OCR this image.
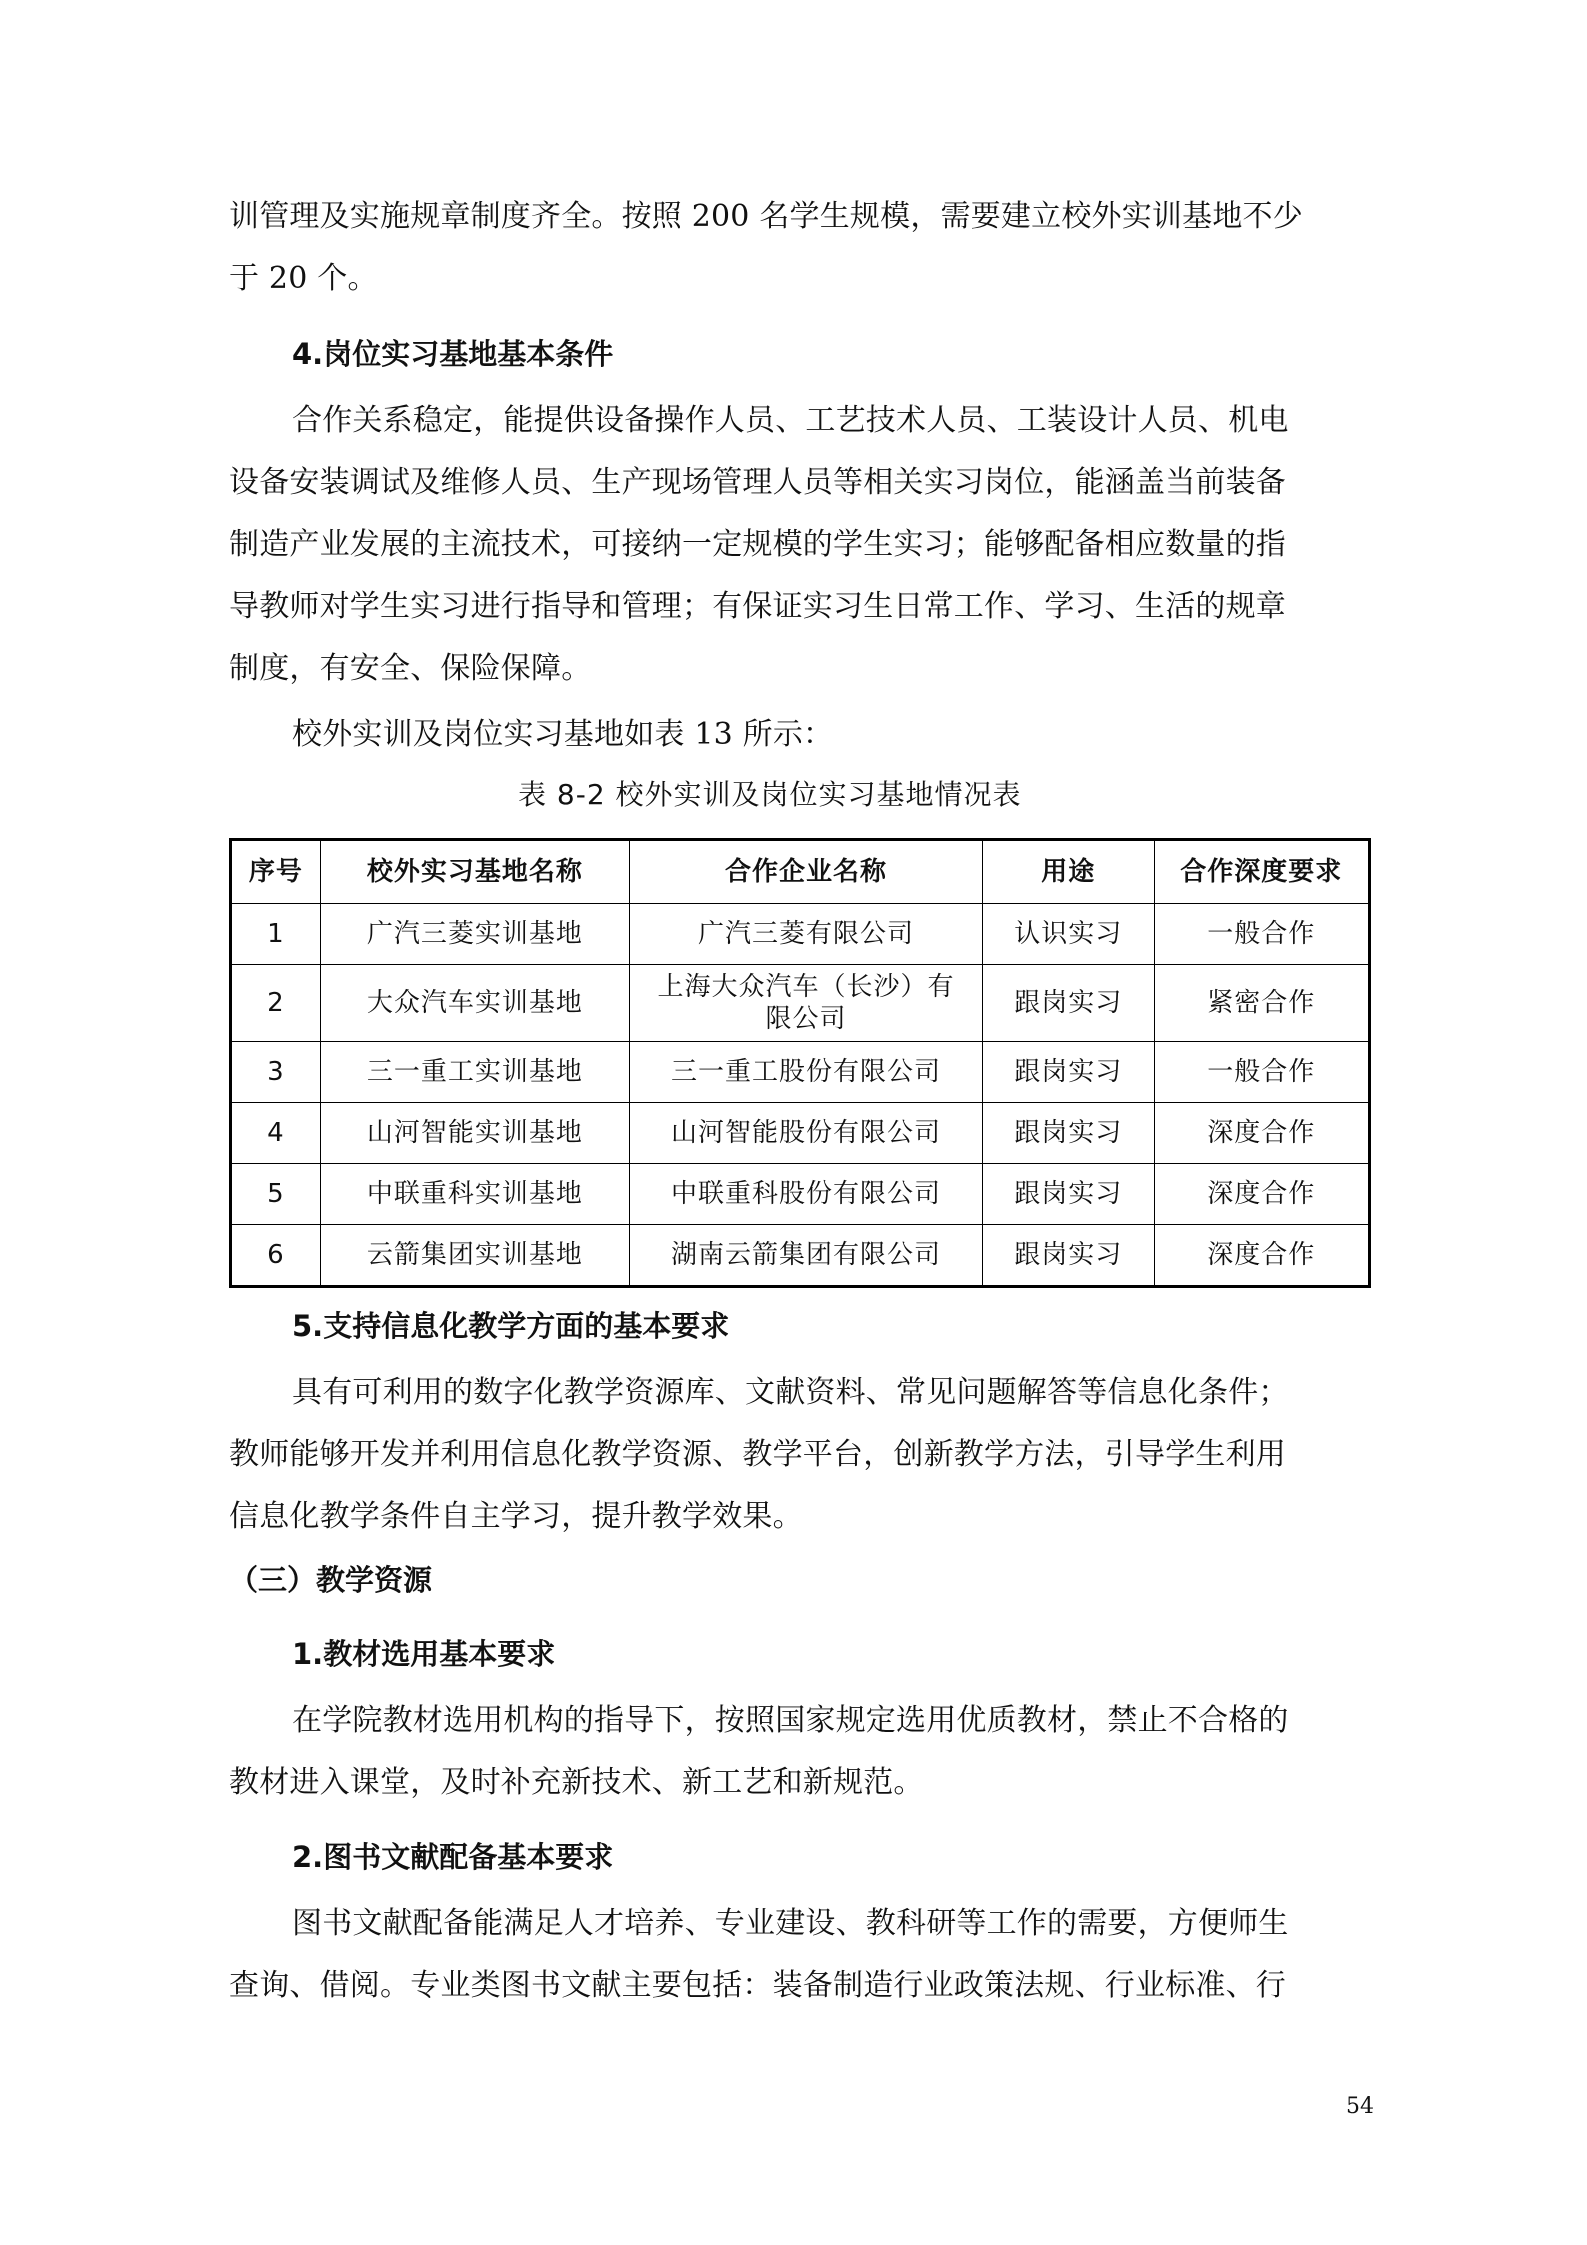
训管理及实施规章制度齐全。按照 200 名学生规模，需要建立校外实训基地不少
于 20 个。
4.岗位实习基地基本条件
合作关系稳定，能提供设备操作人员、工艺技术人员、工装设计人员、机电
设备安装调试及维修人员、生产现场管理人员等相关实习岗位，能涵盖当前装备
制造产业发展的主流技术，可接纳一定规模的学生实习；能够配备相应数量的指
导教师对学生实习进行指导和管理；有保证实习生日常工作、学习、生活的规章
制度，有安全、保险保障。
校外实训及岗位实习基地如表 13 所示：
表 8-2 校外实训及岗位实习基地情况表
序号	校外实习基地名称	合作企业名称	用途	合作深度要求
1	广汽三菱实训基地	广汽三菱有限公司	认识实习	一般合作
2	大众汽车实训基地	上海大众汽车（长沙）有限公司	跟岗实习	紧密合作
3	三一重工实训基地	三一重工股份有限公司	跟岗实习	一般合作
4	山河智能实训基地	山河智能股份有限公司	跟岗实习	深度合作
5	中联重科实训基地	中联重科股份有限公司	跟岗实习	深度合作
6	云箭集团实训基地	湖南云箭集团有限公司	跟岗实习	深度合作
5.支持信息化教学方面的基本要求
具有可利用的数字化教学资源库、文献资料、常见问题解答等信息化条件；
教师能够开发并利用信息化教学资源、教学平台，创新教学方法，引导学生利用
信息化教学条件自主学习，提升教学效果。
（三）教学资源
1.教材选用基本要求
在学院教材选用机构的指导下，按照国家规定选用优质教材，禁止不合格的
教材进入课堂，及时补充新技术、新工艺和新规范。
2.图书文献配备基本要求
图书文献配备能满足人才培养、专业建设、教科研等工作的需要，方便师生
查询、借阅。专业类图书文献主要包括：装备制造行业政策法规、行业标准、行
54
